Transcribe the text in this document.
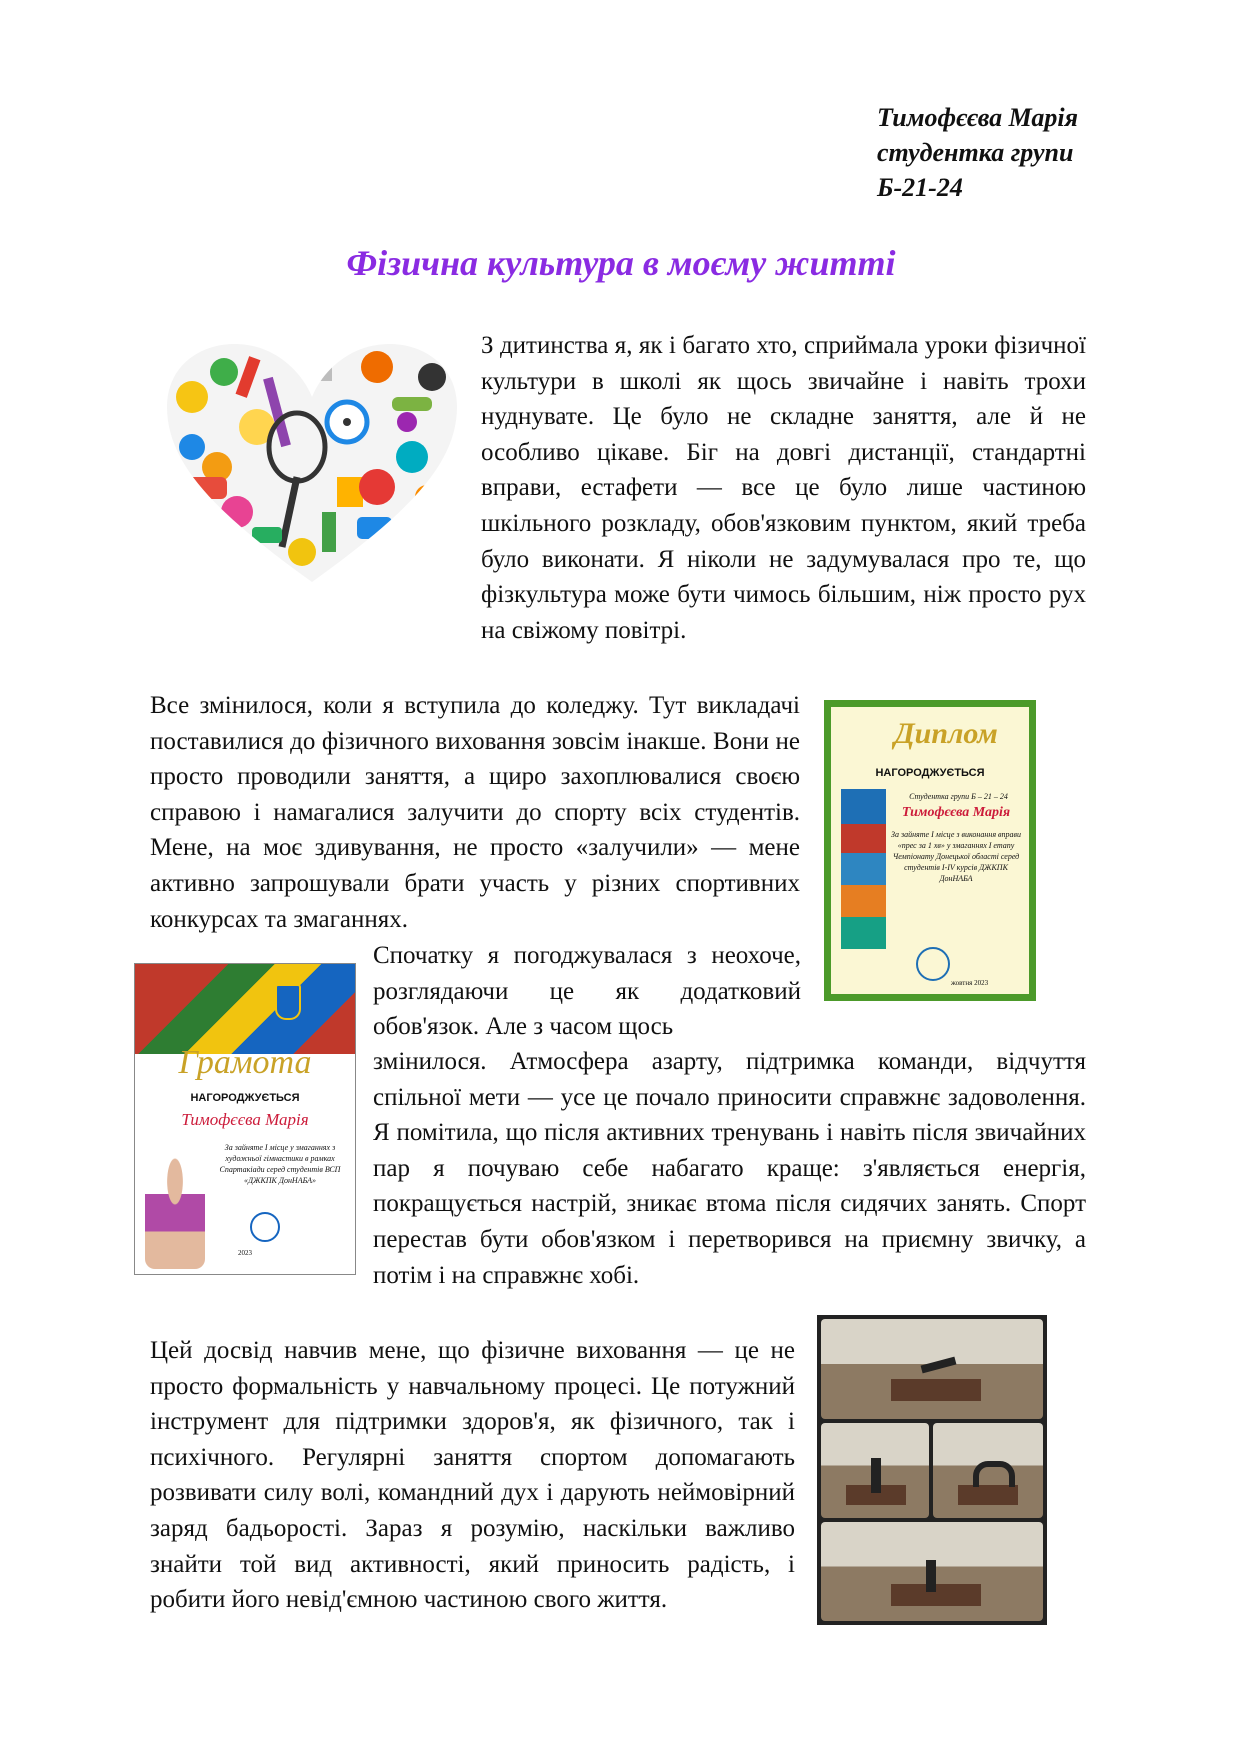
Тимофєєва Марія
студентка групи
Б-21-24
Фізична культура в моєму житті
З дитинства я, як і багато хто, сприймала уроки фізичної культури в школі як щось звичайне і навіть трохи нуднувате. Це було не складне заняття, але й не особливо цікаве. Біг на довгі дистанції, стандартні вправи, естафети — все це було лише частиною шкільного розкладу, обов'язковим пунктом, який треба було виконати. Я ніколи не задумувалася про те, що фізкультура може бути чимось більшим, ніж просто рух на свіжому повітрі.
Все змінилося, коли я вступила до коледжу. Тут викладачі поставилися до фізичного виховання зовсім інакше. Вони не просто проводили заняття, а щиро захоплювалися своєю справою і намагалися залучити до спорту всіх студентів. Мене, на моє здивування, не просто «залучили» — мене активно запрошували брати участь у різних спортивних конкурсах та змаганнях.
Диплом
НАГОРОДЖУЄТЬСЯ
Студентка групи Б – 21 – 24
Тимофєєва Марія
За зайняте I місце з виконання вправи «прес за 1 хв» у змаганнях I етапу Чемпіонату Донецької області серед студентів I-IV курсів ДЖКПК ДонНАБА
жовтня 2023
Грамота
НАГОРОДЖУЄТЬСЯ
Тимофєєва Марія
За зайняте I місце у змаганнях з художньої гімнастики в рамках Спартакіади серед студентів ВСП «ДЖКПК ДонНАБА»
2023
Спочатку я погоджувалася з неохоче, розглядаючи це як додатковий обов'язок. Але з часом щось
змінилося. Атмосфера азарту, підтримка команди, відчуття спільної мети — усе це почало приносити справжнє задоволення. Я помітила, що після активних тренувань і навіть після звичайних пар я почуваю себе набагато краще: з'являється енергія, покращується настрій, зникає втома після сидячих занять. Спорт перестав бути обов'язком і перетворився на приємну звичку, а потім і на справжнє хобі.
Цей досвід навчив мене, що фізичне виховання — це не просто формальність у навчальному процесі. Це потужний інструмент для підтримки здоров'я, як фізичного, так і психічного. Регулярні заняття спортом допомагають розвивати силу волі, командний дух і дарують неймовірний заряд бадьорості. Зараз я розумію, наскільки важливо знайти той вид активності, який приносить радість, і робити його невід'ємною частиною свого життя.
